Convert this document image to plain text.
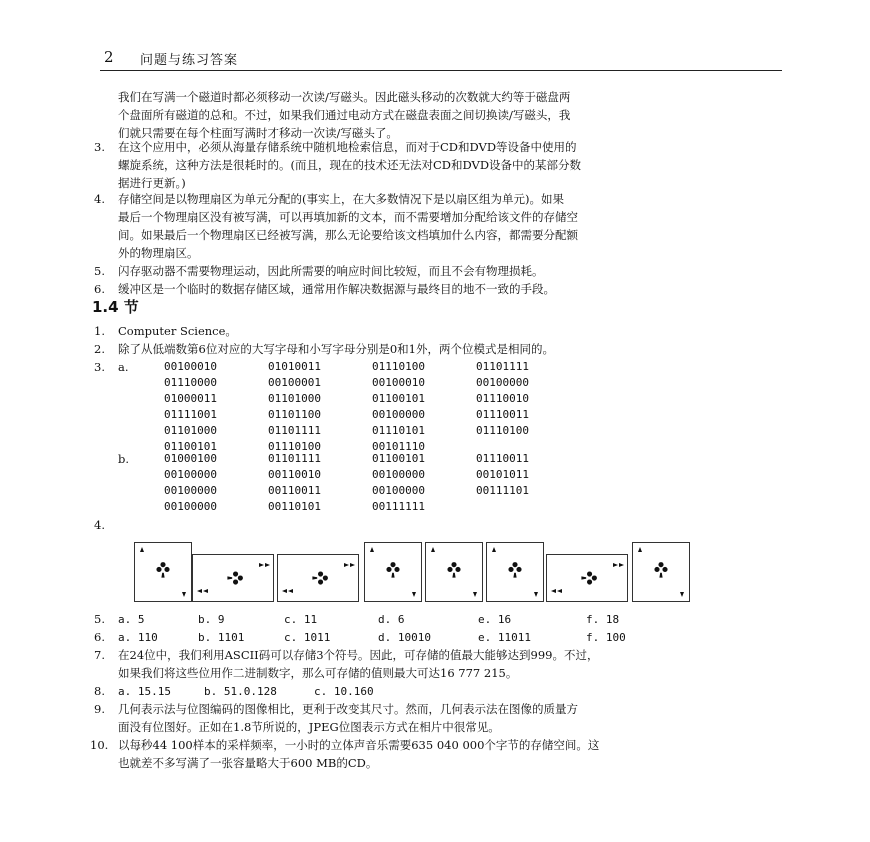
2 问题与练习答案
我们在写满一个磁道时都必须移动一次读/写磁头。因此磁头移动的次数就大约等于磁盘两
个盘面所有磁道的总和。不过，如果我们通过电动方式在磁盘表面之间切换读/写磁头，我
们就只需要在每个柱面写满时才移动一次读/写磁头了。
3. 在这个应用中，必须从海量存储系统中随机地检索信息，而对于CD和DVD等设备中使用的
螺旋系统，这种方法是很耗时的。(而且，现在的技术还无法对CD和DVD设备中的某部分数
据进行更新。)
4. 存储空间是以物理扇区为单元分配的(事实上，在大多数情况下是以扇区组为单元)。如果
最后一个物理扇区没有被写满，可以再填加新的文本，而不需要增加分配给该文件的存储空
间。如果最后一个物理扇区已经被写满，那么无论要给该文档填加什么内容，都需要分配额
外的物理扇区。
5. 闪存驱动器不需要物理运动，因此所需要的响应时间比较短，而且不会有物理损耗。
6. 缓冲区是一个临时的数据存储区域，通常用作解决数据源与最终目的地不一致的手段。
1.4 节
1. Computer Science。
2. 除了从低端数第6位对应的大写字母和小写字母分别是0和1外，两个位模式是相同的。
3. a.	00100010	01010011	01110100	01101111
01110000	00100001	00100010	00100000
01000011	01101000	01100101	01110010
01111001	01101100	00100000	01110011
01101000	01101111	01110101	01110100
01100101	01110100	00101110
b.	01000100	01101111	01100101	01110011
00100000	00110010	00100000	00101011
00100000	00110011	00100000	00111101
00100000	00110101	00111111
4.
5. a. 5	b. 9	c. 11	d. 6	e. 16	f. 18
6. a. 110	b. 1101	c. 1011	d. 10010	e. 11011	f. 100
7. 在24位中，我们利用ASCII码可以存储3个符号。因此，可存储的值最大能够达到999。不过，
如果我们将这些位用作二进制数字，那么可存储的值则最大可达16 777 215。
8. a. 15.15	b. 51.0.128	c. 10.160
9. 几何表示法与位图编码的图像相比，更利于改变其尺寸。然而，几何表示法在图像的质量方
面没有位图好。正如在1.8节所说的，JPEG位图表示方式在相片中很常见。
10. 以每秒44 100样本的采样频率，一小时的立体声音乐需要635 040 000个字节的存储空间。这
也就差不多写满了一张容量略大于600 MB的CD。
